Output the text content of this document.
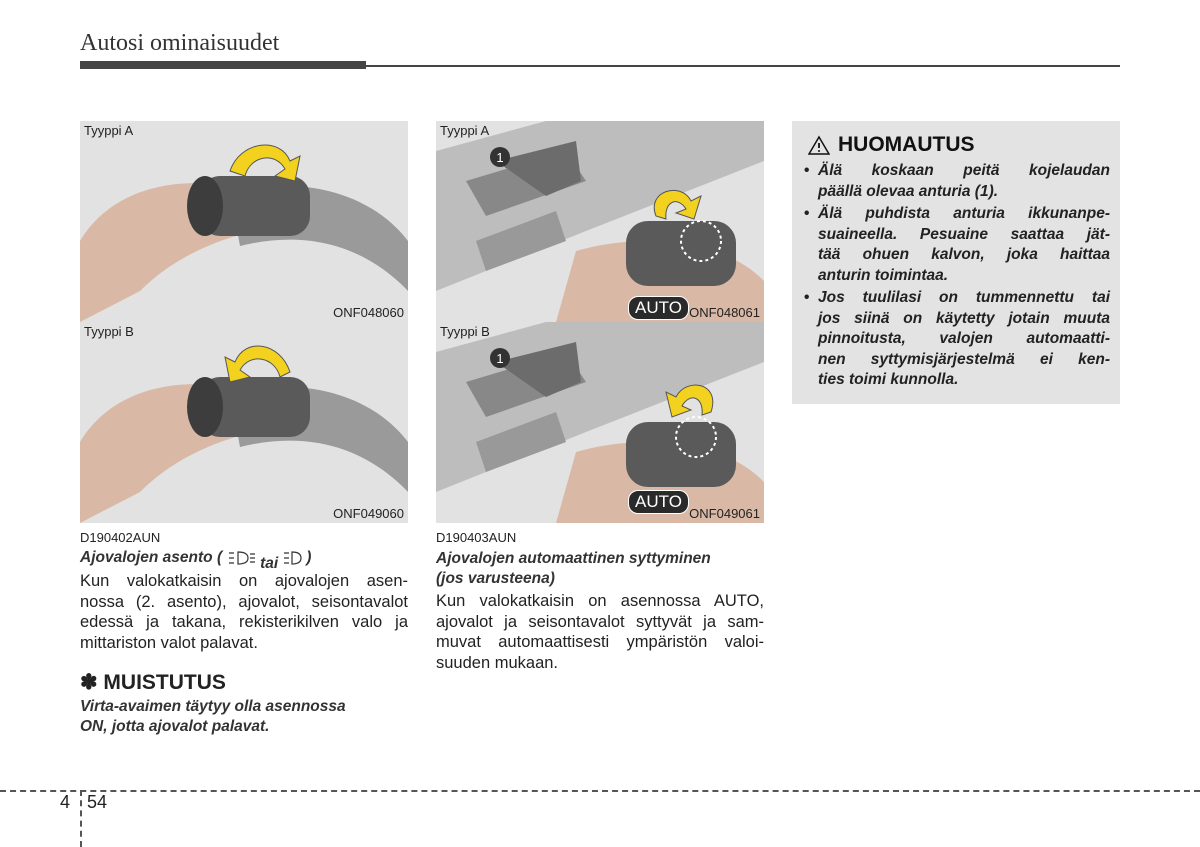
Autosi ominaisuudet
Tyyppi A
ONF048060
Tyyppi B
ONF049060
1
AUTO
Tyyppi A
ONF048061
1
AUTO
Tyyppi B
ONF049061
D190402AUN
Ajovalojen asento ( tai )
Kun valokatkaisin on ajovalojen asen-
nossa (2. asento), ajovalot, seisontavalot
edessä ja takana, rekisterikilven valo ja
mittariston valot palavat.
✽ MUISTUTUS
Virta-avaimen täytyy olla asennossa
ON, jotta ajovalot palavat.
D190403AUN
Ajovalojen automaattinen syttyminen
(jos varusteena)
Kun valokatkaisin on asennossa AUTO,
ajovalot ja seisontavalot syttyvät ja sam-
muvat automaattisesti ympäristön valoi-
suuden mukaan.
HUOMAUTUS
• Älä koskaan peitä kojelaudan
päällä olevaa anturia (1).
• Älä puhdista anturia ikkunanpe-
suaineella. Pesuaine saattaa jät-
tää ohuen kalvon, joka haittaa
anturin toimintaa.
• Jos tuulilasi on tummennettu tai
jos siinä on käytetty jotain muuta
pinnoitusta, valojen automaatti-
nen syttymisjärjestelmä ei ken-
ties toimi kunnolla.
4 54
